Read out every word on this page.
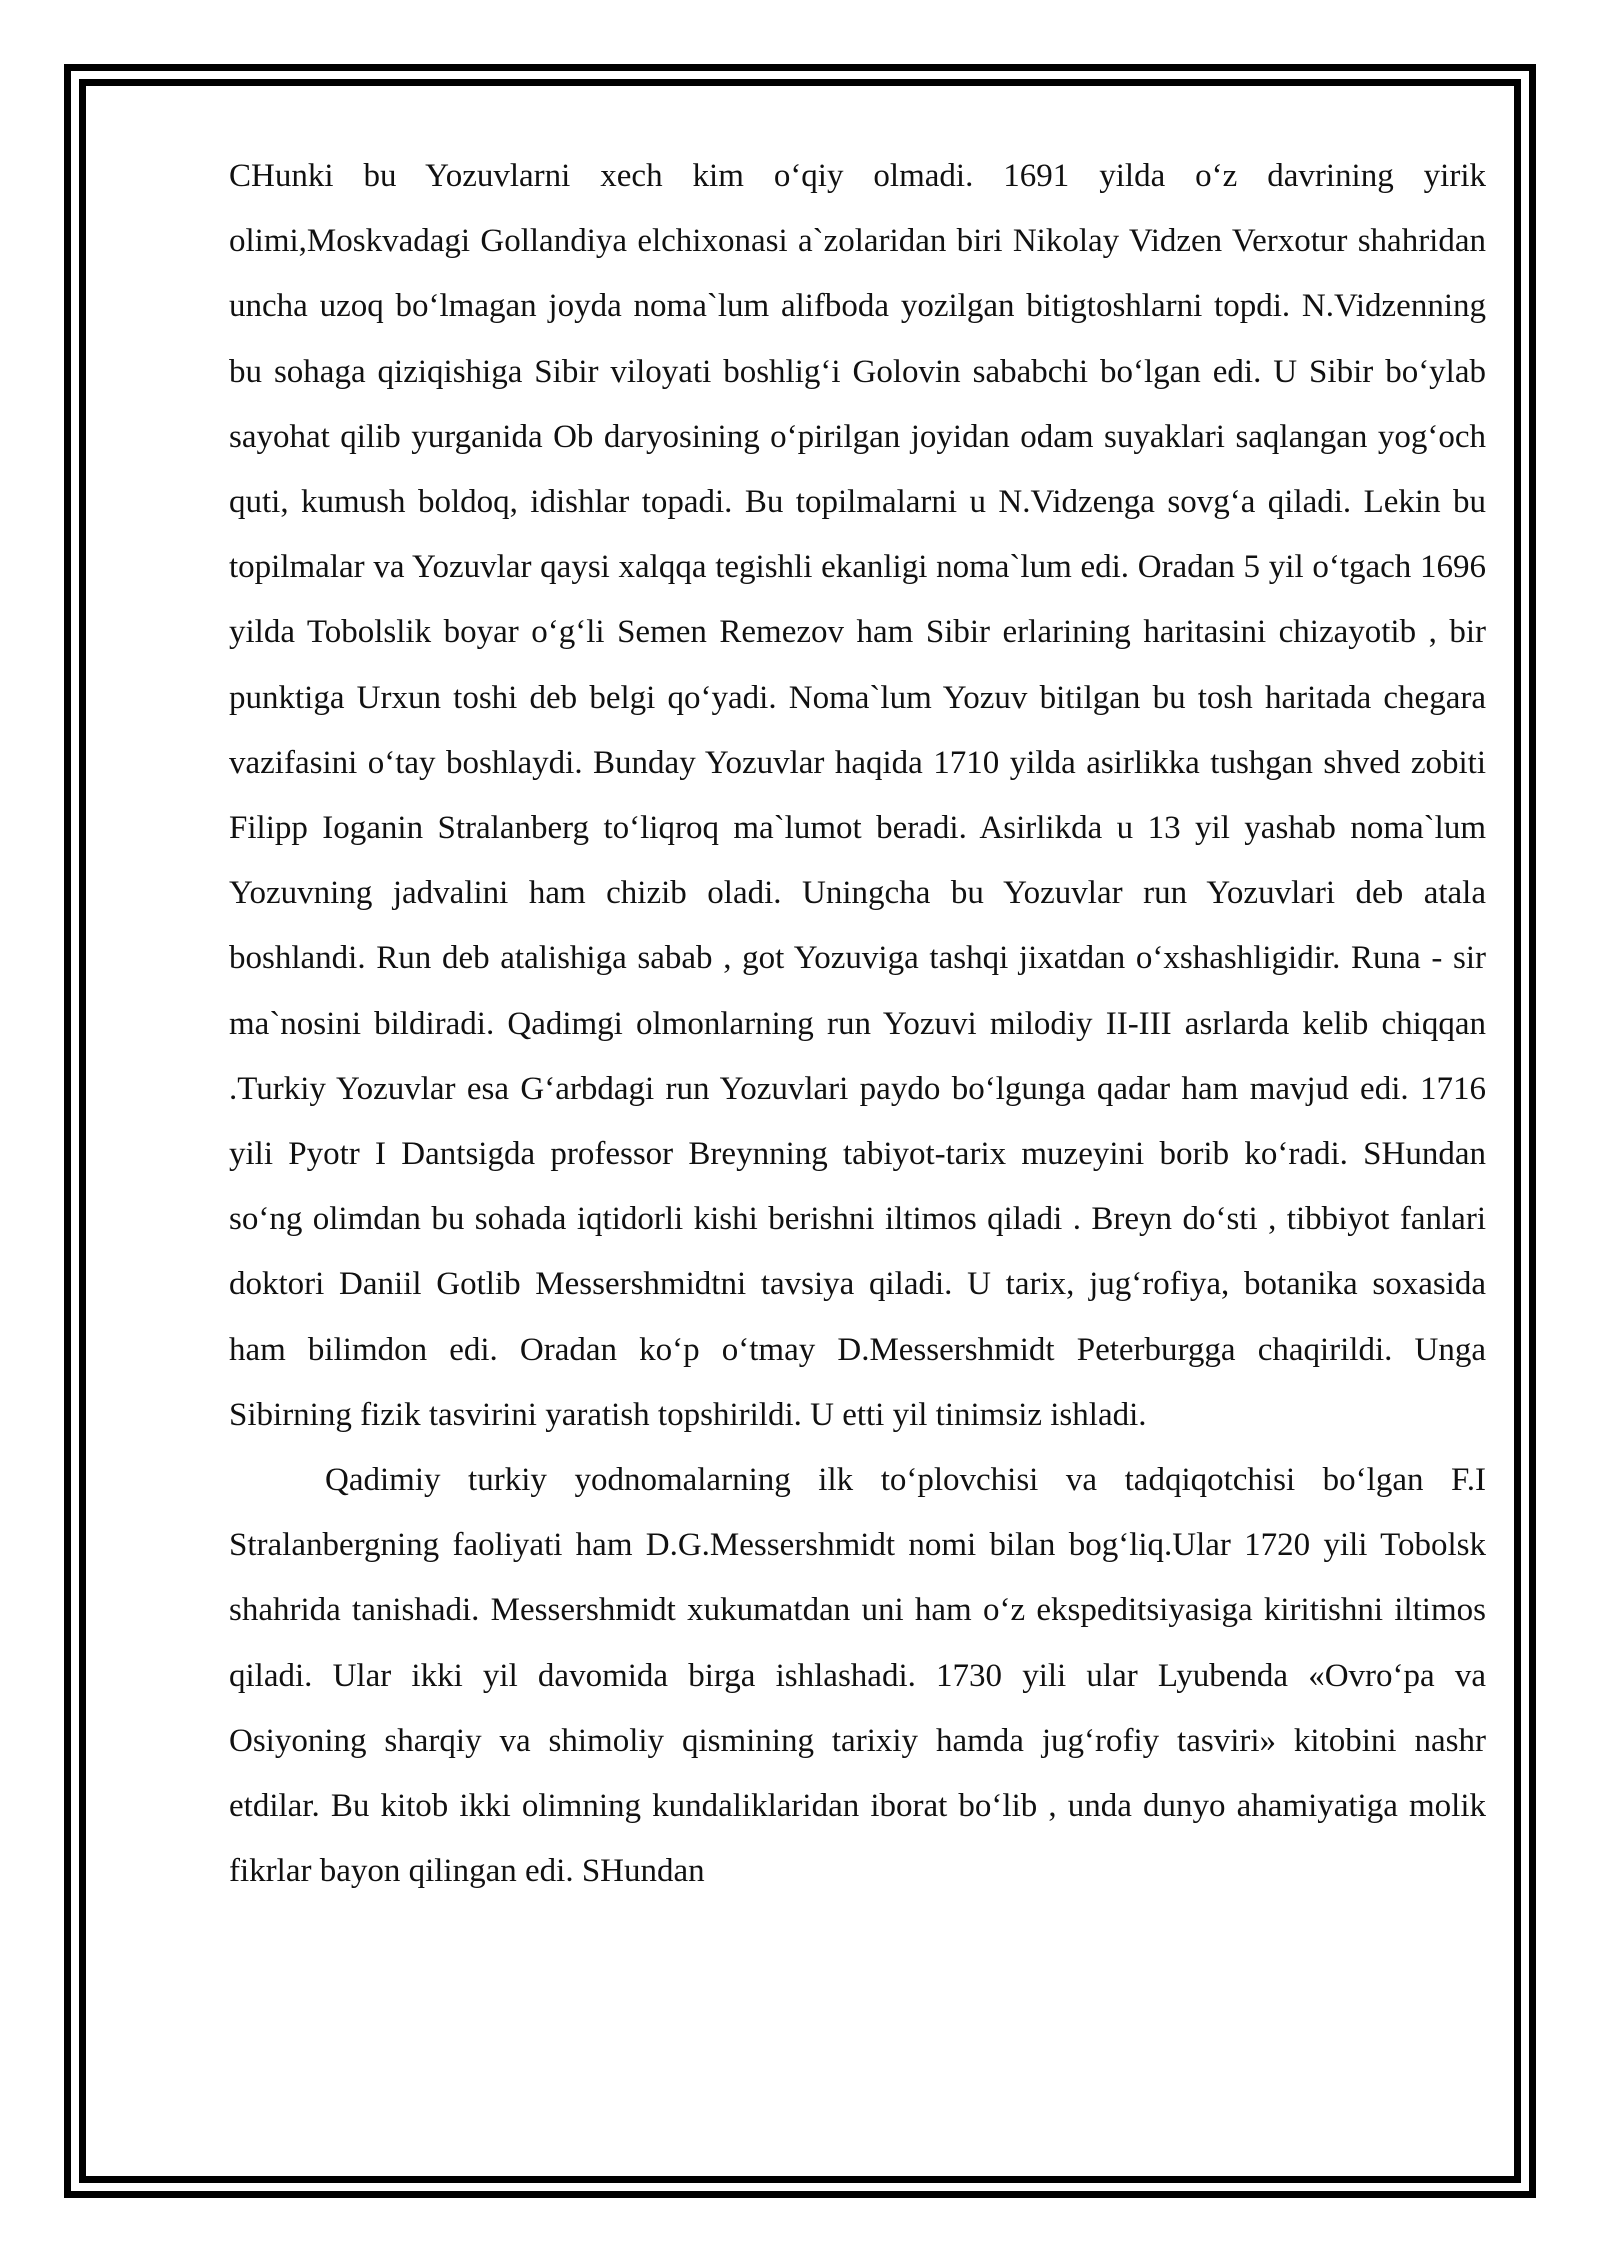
CHunki bu Yozuvlarni xech kim o‘qiy olmadi. 1691 yilda o‘z davrining yirik olimi,Moskvadagi Gollandiya elchixonasi a`zolaridan biri Nikolay Vidzen Verxotur shahridan uncha uzoq bo‘lmagan joyda noma`lum alifboda yozilgan bitigtoshlarni topdi. N.Vidzenning bu sohaga qiziqishiga Sibir viloyati boshlig‘i Golovin sababchi bo‘lgan edi. U Sibir bo‘ylab sayohat qilib yurganida Ob daryosining o‘pirilgan joyidan odam suyaklari saqlangan yog‘och quti, kumush boldoq, idishlar topadi. Bu topilmalarni u N.Vidzenga sovg‘a qiladi. Lekin bu topilmalar va Yozuvlar qaysi xalqqa tegishli ekanligi noma`lum edi. Oradan 5 yil o‘tgach 1696 yilda Tobolslik boyar o‘g‘li Semen Remezov ham Sibir erlarining haritasini chizayotib , bir punktiga Urxun toshi deb belgi qo‘yadi. Noma`lum Yozuv bitilgan bu tosh haritada chegara vazifasini o‘tay boshlaydi. Bunday Yozuvlar haqida 1710 yilda asirlikka tushgan shved zobiti Filipp Ioganin Stralanberg to‘liqroq ma`lumot beradi. Asirlikda u 13 yil yashab noma`lum Yozuvning jadvalini ham chizib oladi. Uningcha bu Yozuvlar run Yozuvlari deb atala boshlandi. Run deb atalishiga sabab , got Yozuviga tashqi jixatdan o‘xshashligidir. Runa - sir ma`nosini bildiradi. Qadimgi olmonlarning run Yozuvi milodiy II-III asrlarda kelib chiqqan .Turkiy Yozuvlar esa G‘arbdagi run Yozuvlari paydo bo‘lgunga qadar ham mavjud edi. 1716 yili Pyotr I Dantsigda professor Breynning tabiyot-tarix muzeyini borib ko‘radi. SHundan so‘ng olimdan bu sohada iqtidorli kishi berishni iltimos qiladi . Breyn do‘sti , tibbiyot fanlari doktori Daniil Gotlib Messershmidtni tavsiya qiladi. U tarix, jug‘rofiya, botanika soxasida ham bilimdon edi. Oradan ko‘p o‘tmay D.Messershmidt Peterburgga chaqirildi. Unga Sibirning fizik tasvirini yaratish topshirildi. U etti yil tinimsiz ishladi.

Qadimiy turkiy yodnomalarning ilk to‘plovchisi va tadqiqotchisi bo‘lgan F.I Stralanbergning faoliyati ham D.G.Messershmidt nomi bilan bog‘liq.Ular 1720 yili Tobolsk shahrida tanishadi. Messershmidt xukumatdan uni ham o‘z ekspeditsiyasiga kiritishni iltimos qiladi. Ular ikki yil davomida birga ishlashadi. 1730 yili ular Lyubenda «Ovro‘pa va Osiyoning sharqiy va shimoliy qismining tarixiy hamda jug‘rofiy tasviri» kitobini nashr etdilar. Bu kitob ikki olimning kundaliklaridan iborat bo‘lib , unda dunyo ahamiyatiga molik fikrlar bayon qilingan edi. SHundan
